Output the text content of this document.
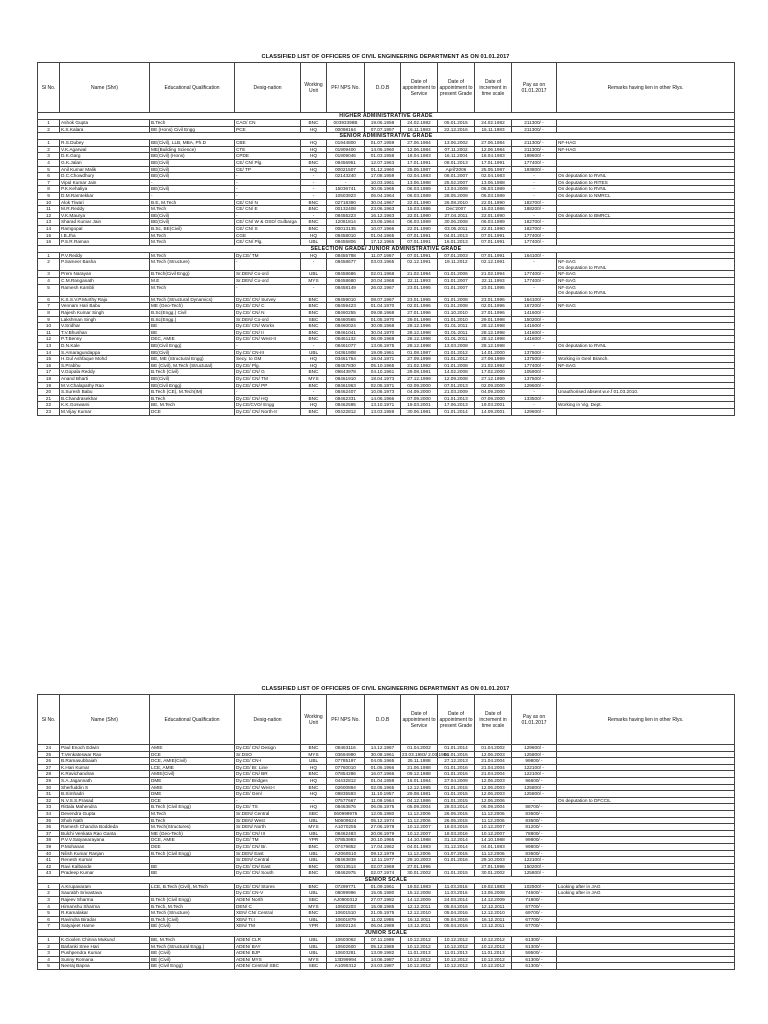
CLASSIFIED LIST OF OFFICERS OF CIVIL ENGINEERING DEPARTMENT AS ON 01.01.2017
Sl No.	Name (Shri)	Educational Qualification	Desig-nation	Working Unit	PF/ NPS No.	D.O.B	Date of appointment to Service	Date of appointment to present Grade	Date of increment in time scale	Pay as on 01.01.2017	Remarks having lien in other Rlys.
HIGHER ADMINISTRATIVE GRADE											
1	Ashok Gupta	B.Tech	CAO/ CN	BNC	00393398B	19.06.1958	24.02.1982	05.01.2015	24.02.1982	211300/ -	
2	K.S.Kalara	BE (Hons) Civil Engg	PCE	HQ	00098164	07.07.1957	16.11.1983	22.12.2016	16.11.1983	211300/ -	
SENIOR ADMINISTRATIVE GRADE											
1	R.S.Dubey	BE(Civil), LLB, MBA, Ph.D	CBE	HQ	01944800	01.07.1959	27.06.1984	13.06.2002	27.06.1984	211300/ -	NF-HAG
2	V.K.Agarwal	ME(Building Science)	CTE	HQ	01909400	14.06.1960	12.06.1984	07.11.2002	12.06.1984	211300/ -	NF-HAG
3	D.K.Garg	BE(Civil) (Hons)	CPDE	HQ	01909046	01.03.1958	18.04.1983	16.11.2004	18.04.1983	199600/ -	
4	G.K.Jalan	BE(Civil)	CE/ CN/ Plg.	BNC	08456951	12.07.1963	17.01.1991	08.01.2013	17.01.1991	177400/ -	
5	Anil Kumar Malik	BE(Civil)	CE/ TP	HQ	00021507	01.12.1960	25.05.1987	April'2006	25.05.1987	193800/ -	
6	D.C.Chowdhury	BE(Civil)	-	-	02143240	17.08.1959	02.04.1983	08.01.2007	02.04.1983	-	On deputation to RVNL
7	Vipul Kumar Jain	-	-	-	-	10.03.1961	13.06.1988	25.02.2007	13.06.1988	-	On deputation to RITES
8	P.K.Kehaliya	BE(Civil)	-	-	15036741	30.06.1965	06.03.1989	13.04.2009	06.03.1989	-	On deputation to RVNL
9	D.M.Ramtekkar	-	-	-	10503923	06.04.1964	06.03.1989	28.05.2009	06.03.1989	-	On deputation to NMRCL
10	Alok Tiwari	B.E, M.Tech	CE/ CN/ N	BNC	02718390	30.04.1967	22.01.1990	26.08.2010	22.01.1990	182700/ -	
11	M.R.Reddy	M.Tech	CE/ CN/ E	BNC	00132408	23.06.1963	15.03.1986	Dec'2007	15.03.1986	188200/ -	
12	V.K.Maurya	BE(Civil)	-	-	08455223	16.12.1963	22.01.1990	27.04.2011	22.01.1990	-	On deputation to BMRCL
13	Sharad Kumar Jain	BE(Civil)	CE/ CN/ W & OSD/ Gulbarga	BNC	12081814	23.06.1964	06.03.1989	30.06.2008	06.03.1989	182700/ -	
14	Ramgopal	B.Sc, BE(Civil)	CE/ CN/ S	BNC	00013135	10.07.1966	22.01.1990	03.05.2011	22.01.1990	182700/ -	
15	I.B.Jha	M.Tech	CGE	HQ	08458010	01.04.1965	07.01.1991	04.01.2013	07.01.1991	177400/ -	
16	P.S.R.Raman	M.Tech	CE/ CN/ Plg.	UBL	08455806	17.12.1965	07.01.1991	16.01.2013	07.01.1991	177400/ -	
SELECTION GRADE/ JUNIOR ADMINISTRATIVE GRADE											
1	P.V.Reddy	M.Tech	Dy.CE/ TM	HQ	08455788	11.07.1967	07.01.1991	07.01.2003	07.01.1991	164100/ -	
2	P.Sameer Basha	M.Tech (Structure)	-	-	08458677	03.03.1965	02.12.1991	19.11.2012	02.12.1991	-	NF-SAG
On deputation to RVNL
3	Prem Narayan	B.Tech(Civil Engg)	Sr.DEN/ Co-ord	UBL	08458686	02.01.1968	21.02.1994	01.01.2006	21.02.1994	177400/ -	NF-SAG
4	C.M.Ranganath	M.E	Sr.DEN/ Co-ord	MYS	08458680	20.04.1968	22.11.1993	01.01.2007	22.11.1993	177400/ -	NF-SAG
5	Ramesh Kambli	M.Tech	-	-	08458149	26.02.1967	23.01.1995	01.01.2007	23.01.1995	-	NF-SAG
On deputation to RVNL
6	K.S.S.V.P.Murthy Raju	M.Tech (Structural Dynamics)	Dy.CE/ CN/ Survey	BNC	08459010	08.07.1967	23.01.1995	01.01.2008	23.01.1995	164100/ -	
7	Vennam Hari Babu	ME (Geo-Tech)	Dy.CE/ CN/ C	BNC	08459423	01.04.1970	02.01.1996	01.01.2008	02.01.1996	167200/ -	NF-SAG
8	Rajesh Kumar Singh	B.Sc(Engg.) Civil	Dy.CE/ CN/ N	BNC	08460255	09.08.1968	27.01.1996	01.10.2010	27.01.1996	141600/ -	
9	Lakshman Singh	B.Sc(Engg.)	Sr.DEN/ Co-ord	SBC	08460565	01.05.1970	29.01.1998	01.01.2010	29.01.1998	150200/ -	
10	V.Sridhar	BE	Dy.CE/ CN/ Works	BNC	08460024	30.08.1968	28.12.1996	01.01.2011	28.12.1998	141600/ -	
11	T.V.Bhushan	BE	Dy.CE/ CN/ II	BNC	08461041	30.04.1970	28.12.1998	01.01.2011	28.12.1998	141600/ -	
12	P.T.Benny	DEC, AMIE	Dy.CE/ CN/ West-II	BNC	08461132	06.09.1969	28.12.1998	01.01.2011	28.12.1998	141600/ -	
13	D.N.Kale	BE(Civil Engg)	-	-	08461077	13.06.1975	28.12.1998	13.03.2008	28.12.1998	-	On deputation to RVNL
14	S.Amaragundappa	BE(Civil)	Dy.CE/ CN-III	UBL	04361908	19.09.1961	01.08.1987	01.01.2012	14.01.2000	137500/ -	
15	H.Gul Ashfaque Mohd	BE, ME (Structural Engg)	Secy. to GM	HQ	03461764	19.04.1971	27.09.1999	01.01.2012	27.09.1999	137500/ -	Working in Genl Branch.
16	S.Prabhu	BE (Civil), M.Tech (Structutal)	Dy.CE/ Plg.	HQ	08457830	05.10.1965	21.02.1992	01.01.2008	21.02.1992	177400/ -	NF-SAG
17	V.Gopala Reddy	B.Tech (Civil)	Dy.CE/ CN/ G	BNC	09843978	04.10.1961	29.08.1981	14.02.2008	17.02.2000	105900/ -	
18	Anand Bharti	BE(Civil)	Dy.CE/ CN/ TM	MYS	08461910	18.04.1973	27.12.1999	12.09.2008	27.12.1999	137500/ -	
19	M.V.Chalapathy Rao	BE(Civil Engg)	Dy.CE/ CN/ PP	BNC	08461963	02.05.1971	02.09.2000	07.01.2013	02.09.2000	129600/ -	
20	S.Suresh Babu	B.Tech (CE), M.Tech(IM)	-	-	08462407	10.06.1973	04.09.2000	21.03.2009	04.09.2000	-	Unauthorised absent w.e.f 01.03.2010.
21	B.Chandrasekhar	B.Tech	Dy.CE/ CN/ HQ	BNC	08462331	14.06.1966	07.09.2000	01.01.2013	07.09.2000	133500/ -	
22	K.K.Goswami	BE, M.Tech	Dy.CE/CVO/ Engg	HQ	08462595	13.10.1971	19.03.2001	17.06.2013	19.03.2001	-	Working in Vig. Dept.
23	M.Vijay Kumar	DCE	Dy.CE/ CN/ North-II	BNC	00422812	13.03.1959	30.06.1981	01.01.2014	14.09.2001	129600/ -	
CLASSIFIED LIST OF OFFICERS OF CIVIL ENGINEERING DEPARTMENT AS ON 01.01.2017
Sl No.	Name (Shri)	Educational Qualification	Desig-nation	Working Unit	PF/ NPS No.	D.O.B	Date of appointment to Service	Date of appointment to present Grade	Date of increment in time scale	Pay as on 01.01.2017	Remarks having lien in other Rlys.
24	Paul Enoch Edwin	AMIE	Dy.CE/ CN/ Design	BNC	08463116	14.12.1967	01.04.2002	01.01.2014	01.04.2002	129600/ -	
25	T.Venkateswar Rao	DCE	Sr.DSO	MYS	03694990	30.08.1961	23.03.1983/ 2.03.1984	01.01.2015	12.06.2003	125800/ -	
26	B.Ramasubbaiah	DCE, AMIE(Civil)	Dy.CE/ CN-I	UBL	07785197	04.05.1965	25.11.1988	27.12.2013	21.04.2004	99800/ -	
27	K.Hari Kumar	LCE, AMIE	Dy.CE/ Br. Line	HQ	07760010	01.06.1966	21.06.1988	01.01.2016	21.04.2004	122100/ -	
28	K.Ravichandran	AMIE(Civil)	Dy.CE/ CN/ BR	BNC	07854286	16.07.1966	09.12.1988	01.01.2016	21.04.2004	122100/ -	
29	S.A.Jagannath	DME	Dy.CE/ Bridges	HQ	04432812	01.04.1959	16.01.1984	27.04.2009	12.06.2003	96600/ -	
30	Sherfuddin S	AMIE	Dy.CE/ CN/ West-I	BNC	02600894	02.06.1965	12.12.1985	01.01.2015	12.06.2003	125800/ -	
31	B.Simhadri	DME	Dy.CE/ Genl	HQ	09835593	11.10.1957	29.08.1981	01.01.2015	12.06.2003	125800/ -	
32	N.V.S.S.Prasad	DCE	-	-	07577667	11.09.1964	04.12.1986	01.01.2015	12.06.2006	-	On deputation to DFCCIL
33	Rittala Mahendra	B.Tech (Civil Engg)	Dy.CE/ TS	HQ	08463876	06.06.1975	05.09.2004	28.03.2014	06.09.2004	88700/ -	
34	Devendra Gupta	M.Tech	Sr.DEN/ Central	SBC	060999975	12.05.1980	11.12.2006	26.05.2015	11.12.2006	83600/ -	
35	Shob Nath	B.Tech	Sr.DEN/ West	UBL	N0609524	05.12.1974	11.12.2006	26.05.2015	11.12.2006	83600/ -	
36	Ramesh Chandra Boddeda	M.Tech(Structures)	Sr.DEN/ North	MYS	A1070255	27.06.1978	10.12.2007	18.03.2016	10.12.2007	81200/ -	
37	Bulchi Venkata Rao Ganta	ME (Geo-Tech)	Dy.CE/ CN/ III	UBL	08462483	20.06.1979	10.12.2007	18.03.2016	10.12.2007	78800/ -	
38	P.V.V.Satyanarayana	DCE, AMIE	Dy.CE/ TM	YPR	07853993	20.10.1965	14.10.1988	31.12.2014	14.10.1988	99800/ -	
39	P.Mohanan	DEE	Dy.CE/ CN/ Br.	BNC	07479852	17.04.1962	04.01.1983	31.12.2014	04.01.1983	99800/ -	
40	Nilish Kumar Ranjan	B.Tech (Civil Engg)	Sr.DEN/ East	UBL	A2060510	09.12.1979	11.12.2006	01.07.2015	11.12.2006	83600/ -	
41	Renesh Kumar		Sr.DEN/ Central	UBL	08463839	12.11.1977	29.10.2003	01.01.2016	29.10.2003	122100/ -	
42	Ravi Kalbande	BE	Dy.CE/ CN/ East	BNC	00013514	02.07.1969	27.01.1996		27.01.1996	150200/ -	
43	Pradeep Kumar	BE	Dy.CE/ CN/ South	BNC	08462975	02.07.1974	30.01.2002	01.01.2015	30.01.2002	125800/ -	
SENIOR SCALE											
1	A.Krupavaram	LCE, B.Tech (Civil), M.Tech	Dy.CE/ CN/ Stores	BNC	07299771	01.09.1961	19.02.1983	11.03.2016	19.02.1983	102500/ -	Looking after in JAG
2	Saurabh Srivastava		Dy.CE/ CN-V	UBL	08099996	15.05.1980	15.12.2008	11.03.2016	13.05.2008	74600/ -	Looking after in JAG
3	Rajeev Sharma	B.Tech (Civil Engg)	ADEN/ North	SBC	AJ0900312	27.07.1982	14.12.2009	24.03.2014	14.12.2009	71800/ -	
4	Himanshu Sharma	B.Tech, M.Tech	DEN/ C	MYS	10602203	15.08.1985	12.12.2011	05.04.2016	12.12.2011	67700/ -	
5	R.Kamalakar	M.Tech (Structure)	XEN/ CN/ Central	BNC	10601510	21.05.1975	12.12.2010	05.04.2016	12.12.2010	69700/ -	
6	Ravindra Biradar	B.Tech (Civil)	XEN/ Tr.I	UBL	10601879	11.02.1985	16.12.2011	05.04.2016	16.12.2011	67700/ -	
7	Satyajeet Harne	BE (Civil)	XEN/ TM	YPR	10602124	06.04.1989	13.12.2011	05.04.2016	13.12.2011	67700/ -	
JUNIOR SCALE											
1	K.Goolen Chinna Mukund	BE, M.Tech	ADEN/ CLR	UBL	10603062	07.11.1989	10.12.2012	10.12.2012	10.12.2012	61300/ -	
2	Barlanki Sree Hari	M.Tech (Structural Engg.)	ADEN/ BAY	UBL	10602600	05.12.1985	10.12.2012	10.12.2012	10.12.2012	61300/ -	
3	Pushpendra Kumar	BE (Civil)	ADEN/ BJP	UBL	10603281	13.09.1982	11.01.2013	11.01.2013	11.01.2013	59500/ -	
4	Sunny Romana	BE (Civil)	ADEN/ MYS	MYS	13D99994	14.06.1987	10.12.2012	10.12.2012	10.12.2012	61300/ -	
5	Neeraj Bapna	BE (Civil Engg)	ADEN/ Central/ SBC	SBC	A1090312	24.03.1987	10.12.2012	10.12.2012	10.12.2012	61300/ -	
